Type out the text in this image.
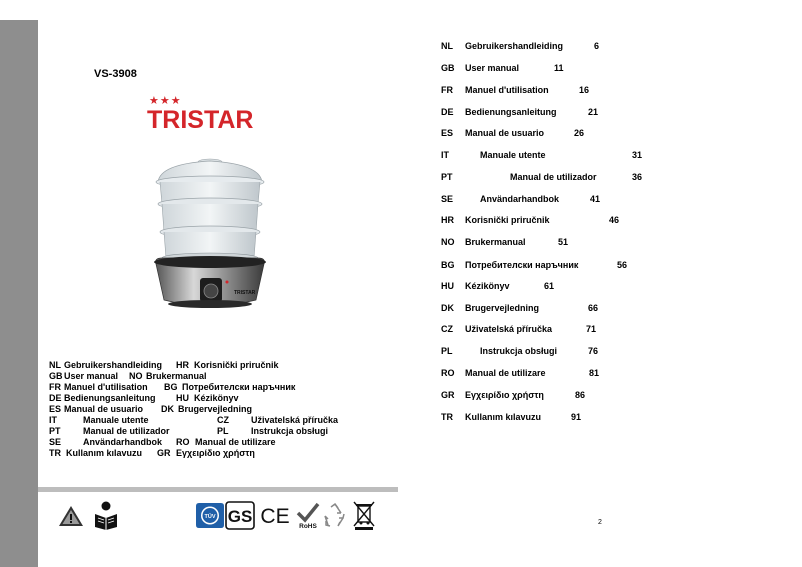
VS-3908
★★★
TRISTAR
TRISTAR
NL Gebruikershandleiding HR Korisnički priručnik
GB User manual NO Brukermanual
FR Manuel d'utilisation BG Потребителски наръчник
DE Bedienungsanleitung HU Kézikönyv
ES Manual de usuario DK Brugervejledning
IT	Manuale utente	CZ Uživatelská příručka
PT Manual de utilizador	PL Instrukcja obsługi
SE Användarhandbok RO Manual de utilizare
TR Kullanım kılavuzu GR Εγχειρίδιο χρήστη
TÜV GS CE RoHS
NL Gebruikershandleiding	6
GB User manual	11
FR Manuel d'utilisation	16
DE Bedienungsanleitung	21
ES Manual de usuario	26
IT	Manuale utente	31
PT	Manual de utilizador	36
SE	Användarhandbok	41
HR Korisnički priručnik	46
NO Brukermanual	51
BG Потребителски наръчник	56
HU Kézikönyv	61
DK Brugervejledning	66
CZ Uživatelská příručka	71
PL	Instrukcja obsługi	76
RO Manual de utilizare	81
GR Εγχειρίδιο χρήστη	86
TR Kullanım kılavuzu	91
2
